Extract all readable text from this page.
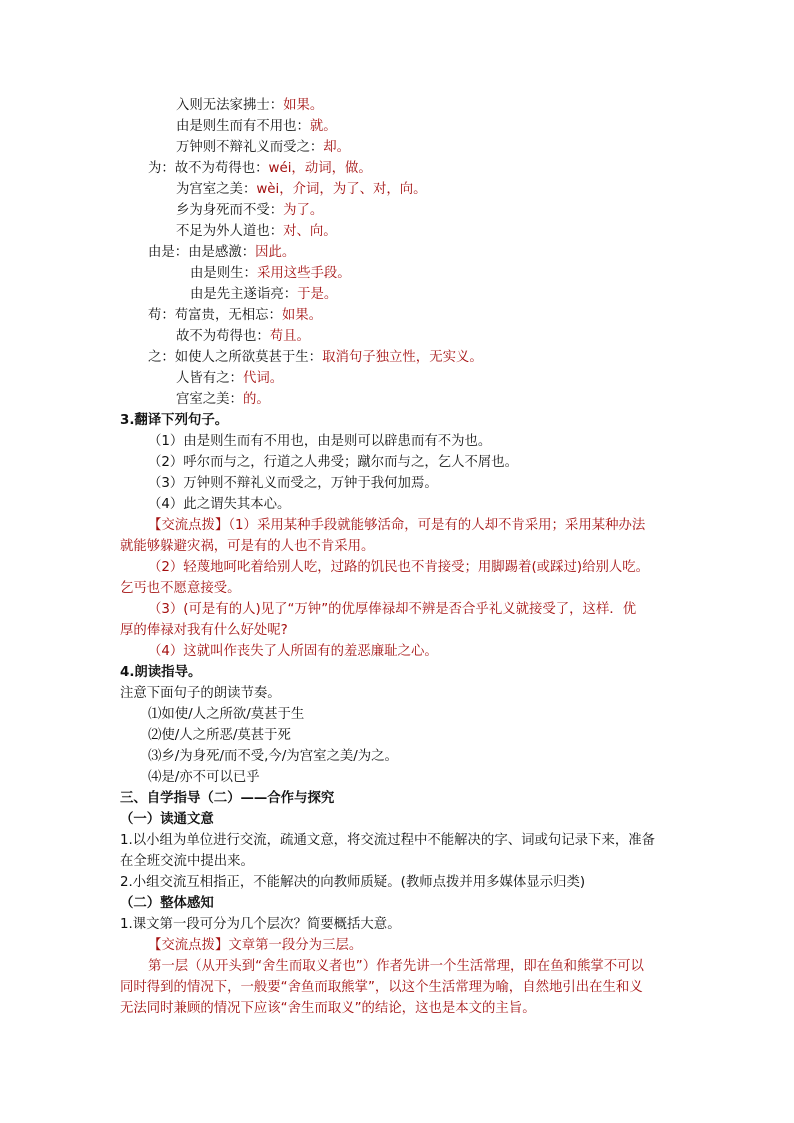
入则无法家拂士：如果。
由是则生而有不用也：就。
万钟则不辩礼义而受之：却。
为：故不为苟得也：wéi，动词，做。
为宫室之美：wèi，介词，为了、对，向。
乡为身死而不受：为了。
不足为外人道也：对、向。
由是：由是感激：因此。
由是则生：采用这些手段。
由是先主遂诣亮：于是。
苟：苟富贵，无相忘：如果。
故不为苟得也：苟且。
之：如使人之所欲莫甚于生：取消句子独立性，无实义。
人皆有之：代词。
宫室之美：的。
3.翻译下列句子。
（1）由是则生而有不用也，由是则可以辟患而有不为也。
（2）呼尔而与之，行道之人弗受；蹴尔而与之，乞人不屑也。
（3）万钟则不辩礼义而受之，万钟于我何加焉。
（4）此之谓失其本心。
【交流点拨】（1）采用某种手段就能够活命，可是有的人却不肯采用；采用某种办法
就能够躲避灾祸，可是有的人也不肯采用。
（2）轻蔑地呵叱着给别人吃，过路的饥民也不肯接受；用脚踢着(或踩过)给别人吃。
乞丐也不愿意接受。
（3）(可是有的人)见了“万钟”的优厚俸禄却不辨是否合乎礼义就接受了，这样．优
厚的俸禄对我有什么好处呢?
（4）这就叫作丧失了人所固有的羞恶廉耻之心。
4.朗读指导。
注意下面句子的朗读节奏。
⑴如使/人之所欲/莫甚于生
⑵使/人之所恶/莫甚于死
⑶乡/为身死/而不受,今/为宫室之美/为之。
⑷是/亦不可以已乎
三、自学指导（二）——合作与探究
（一）读通文意
1.以小组为单位进行交流，疏通文意，将交流过程中不能解决的字、词或句记录下来，准备
在全班交流中提出来。
2.小组交流互相指正，不能解决的向教师质疑。(教师点拨并用多媒体显示归类)
（二）整体感知
1.课文第一段可分为几个层次？简要概括大意。
【交流点拨】文章第一段分为三层。
第一层（从开头到“舍生而取义者也”）作者先讲一个生活常理，即在鱼和熊掌不可以
同时得到的情况下，一般要“舍鱼而取熊掌”，以这个生活常理为喻，自然地引出在生和义
无法同时兼顾的情况下应该“舍生而取义”的结论，这也是本文的主旨。
